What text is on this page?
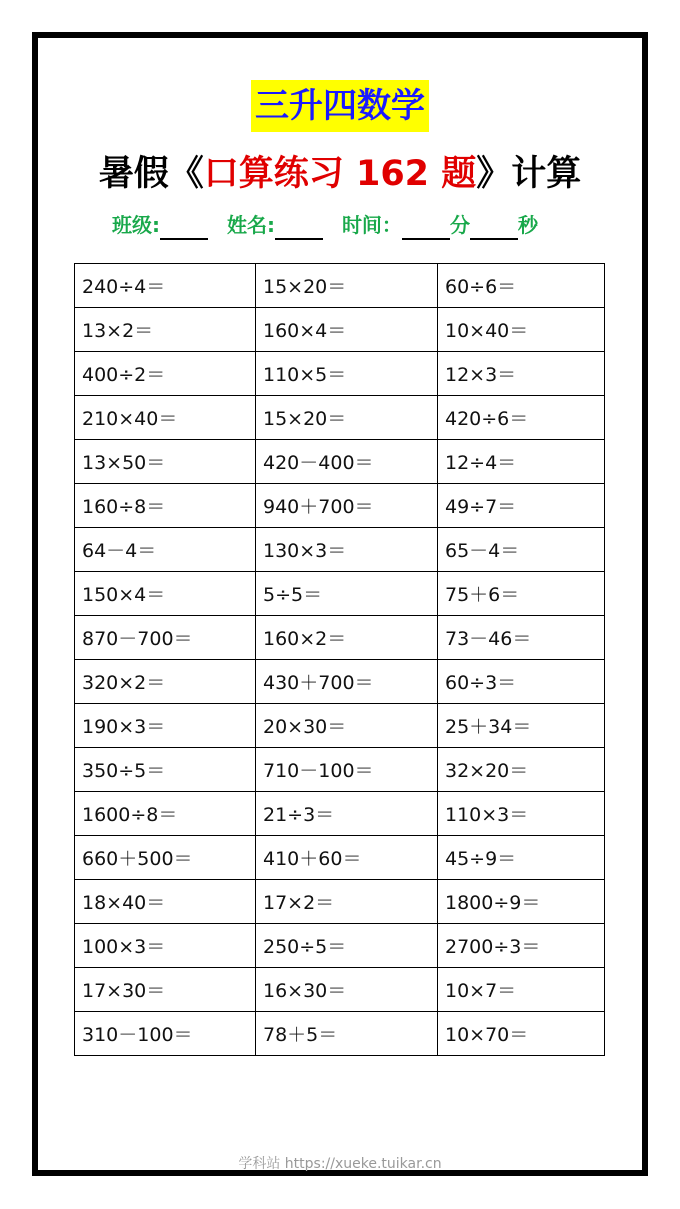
三升四数学
暑假《口算练习 162 题》计算
班级:	姓名:	时间： 分 秒
240÷4＝	15×20＝	60÷6＝
13×2＝	160×4＝	10×40＝
400÷2＝	110×5＝	12×3＝
210×40＝	15×20＝	420÷6＝
13×50＝	420－400＝	12÷4＝
160÷8＝	940＋700＝	49÷7＝
64－4＝	130×3＝	65－4＝
150×4＝	5÷5＝	75＋6＝
870－700＝	160×2＝	73－46＝
320×2＝	430＋700＝	60÷3＝
190×3＝	20×30＝	25＋34＝
350÷5＝	710－100＝	32×20＝
1600÷8＝	21÷3＝	110×3＝
660＋500＝	410＋60＝	45÷9＝
18×40＝	17×2＝	1800÷9＝
100×3＝	250÷5＝	2700÷3＝
17×30＝	16×30＝	10×7＝
310－100＝	78＋5＝	10×70＝
学科站 https://xueke.tuikar.cn
